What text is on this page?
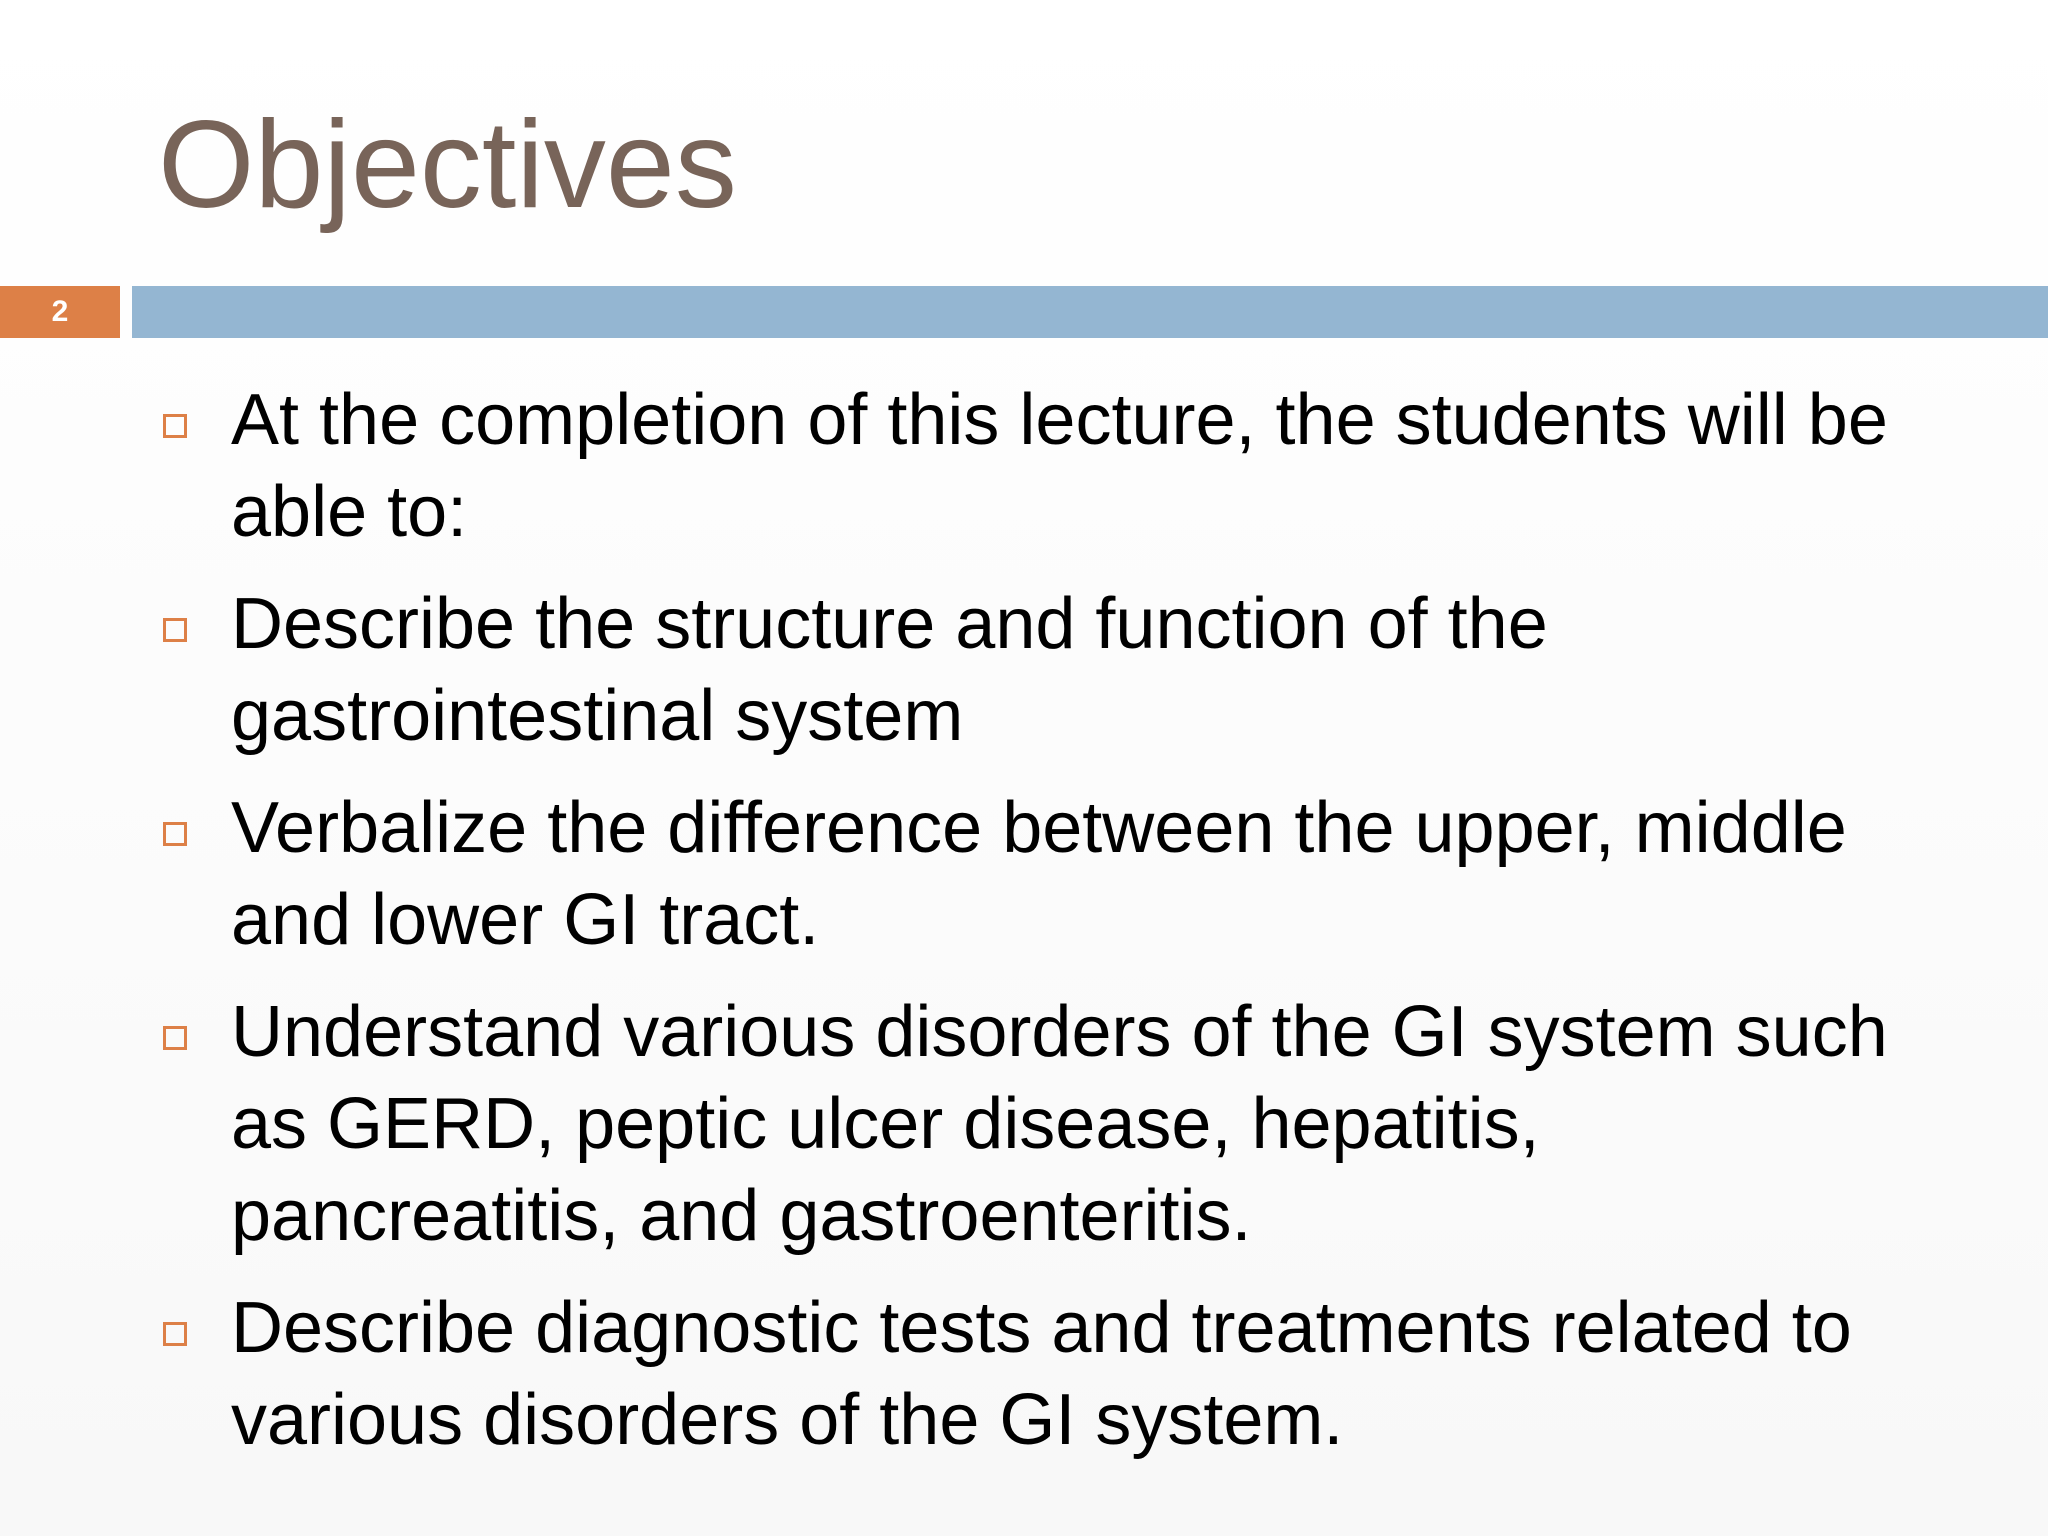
Objectives
2
At the completion of this lecture, the students will be able to:
Describe the structure and function of the gastrointestinal system
Verbalize the difference between the upper, middle and lower GI tract.
Understand various disorders of the GI system such as GERD, peptic ulcer disease, hepatitis, pancreatitis, and gastroenteritis.
Describe diagnostic tests and treatments related to various disorders of the GI system.
